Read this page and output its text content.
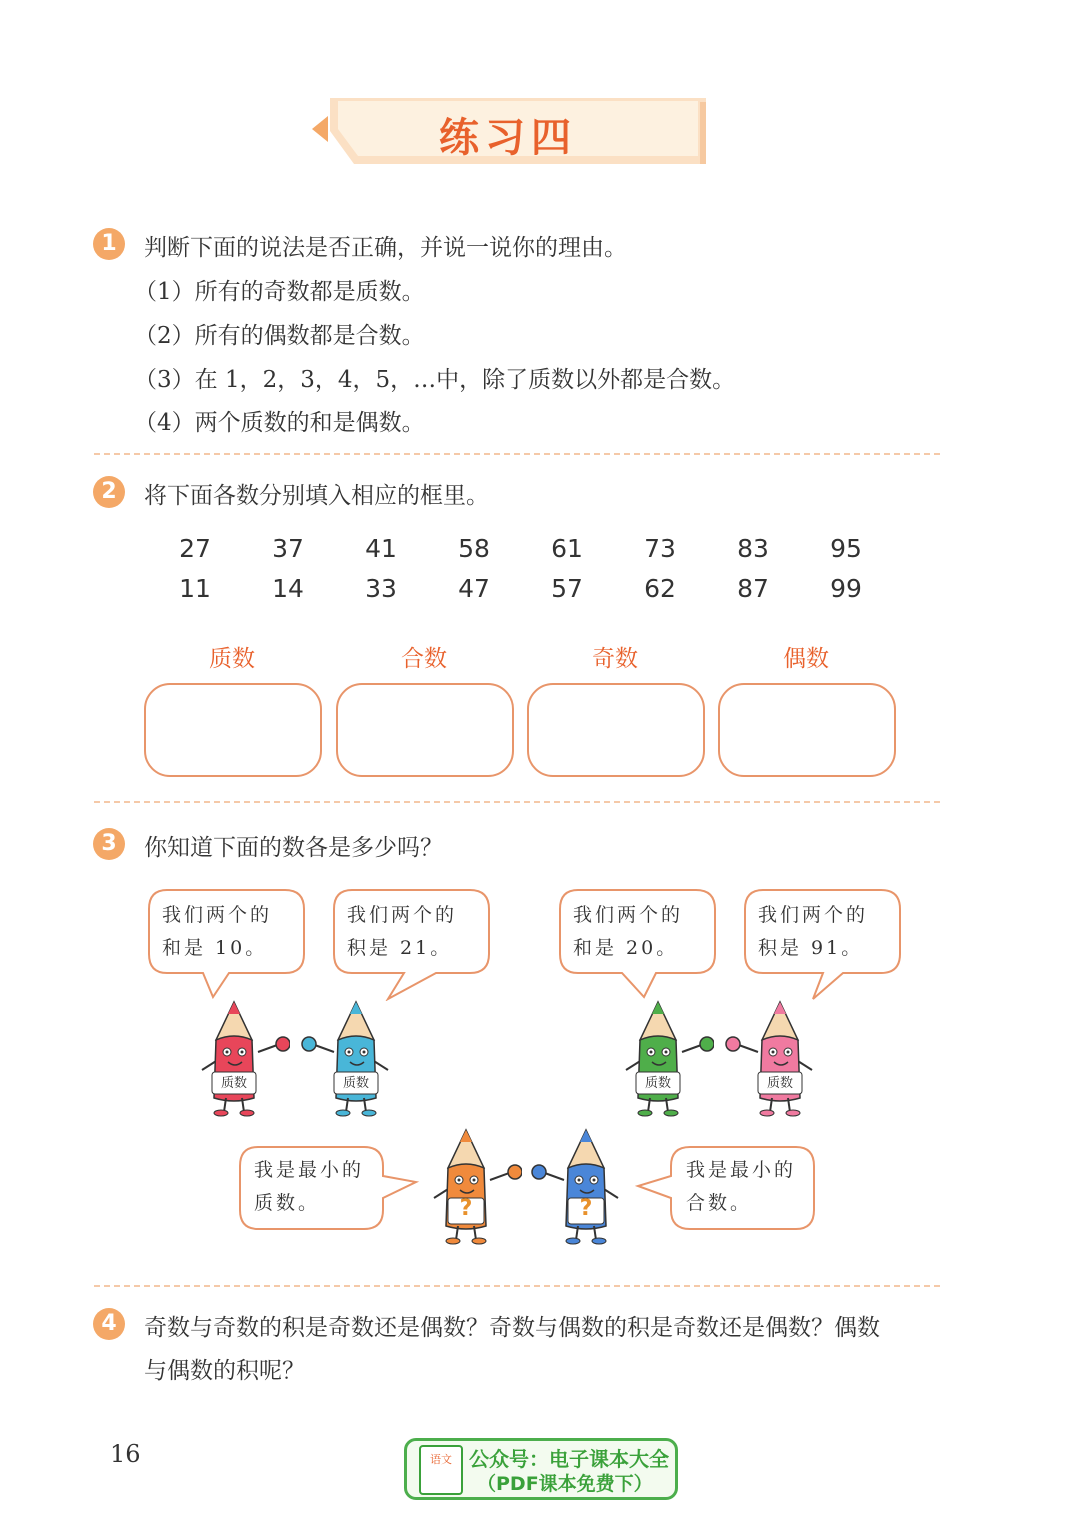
练习四
1	判断下面的说法是否正确，并说一说你的理由。
（1）所有的奇数都是质数。
（2）所有的偶数都是合数。
（3）在 1，2，3，4，5，…中，除了质数以外都是合数。
（4）两个质数的和是偶数。
2	将下面各数分别填入相应的框里。
27	37	41	58	61	73	83	95
11	14	33	47	57	62	87	99
质数	合数	奇数	偶数
3	你知道下面的数各是多少吗？
我们两个的
和是 10。
我们两个的
积是 21。
我们两个的
和是 20。
我们两个的
积是 91。
质数	质数	质数	质数
我是最小的
质数。
我是最小的
合数。
?	?
4	奇数与奇数的积是奇数还是偶数？奇数与偶数的积是奇数还是偶数？偶数
与偶数的积呢？
16	语文 公众号：电子课本大全
（PDF课本免费下）
